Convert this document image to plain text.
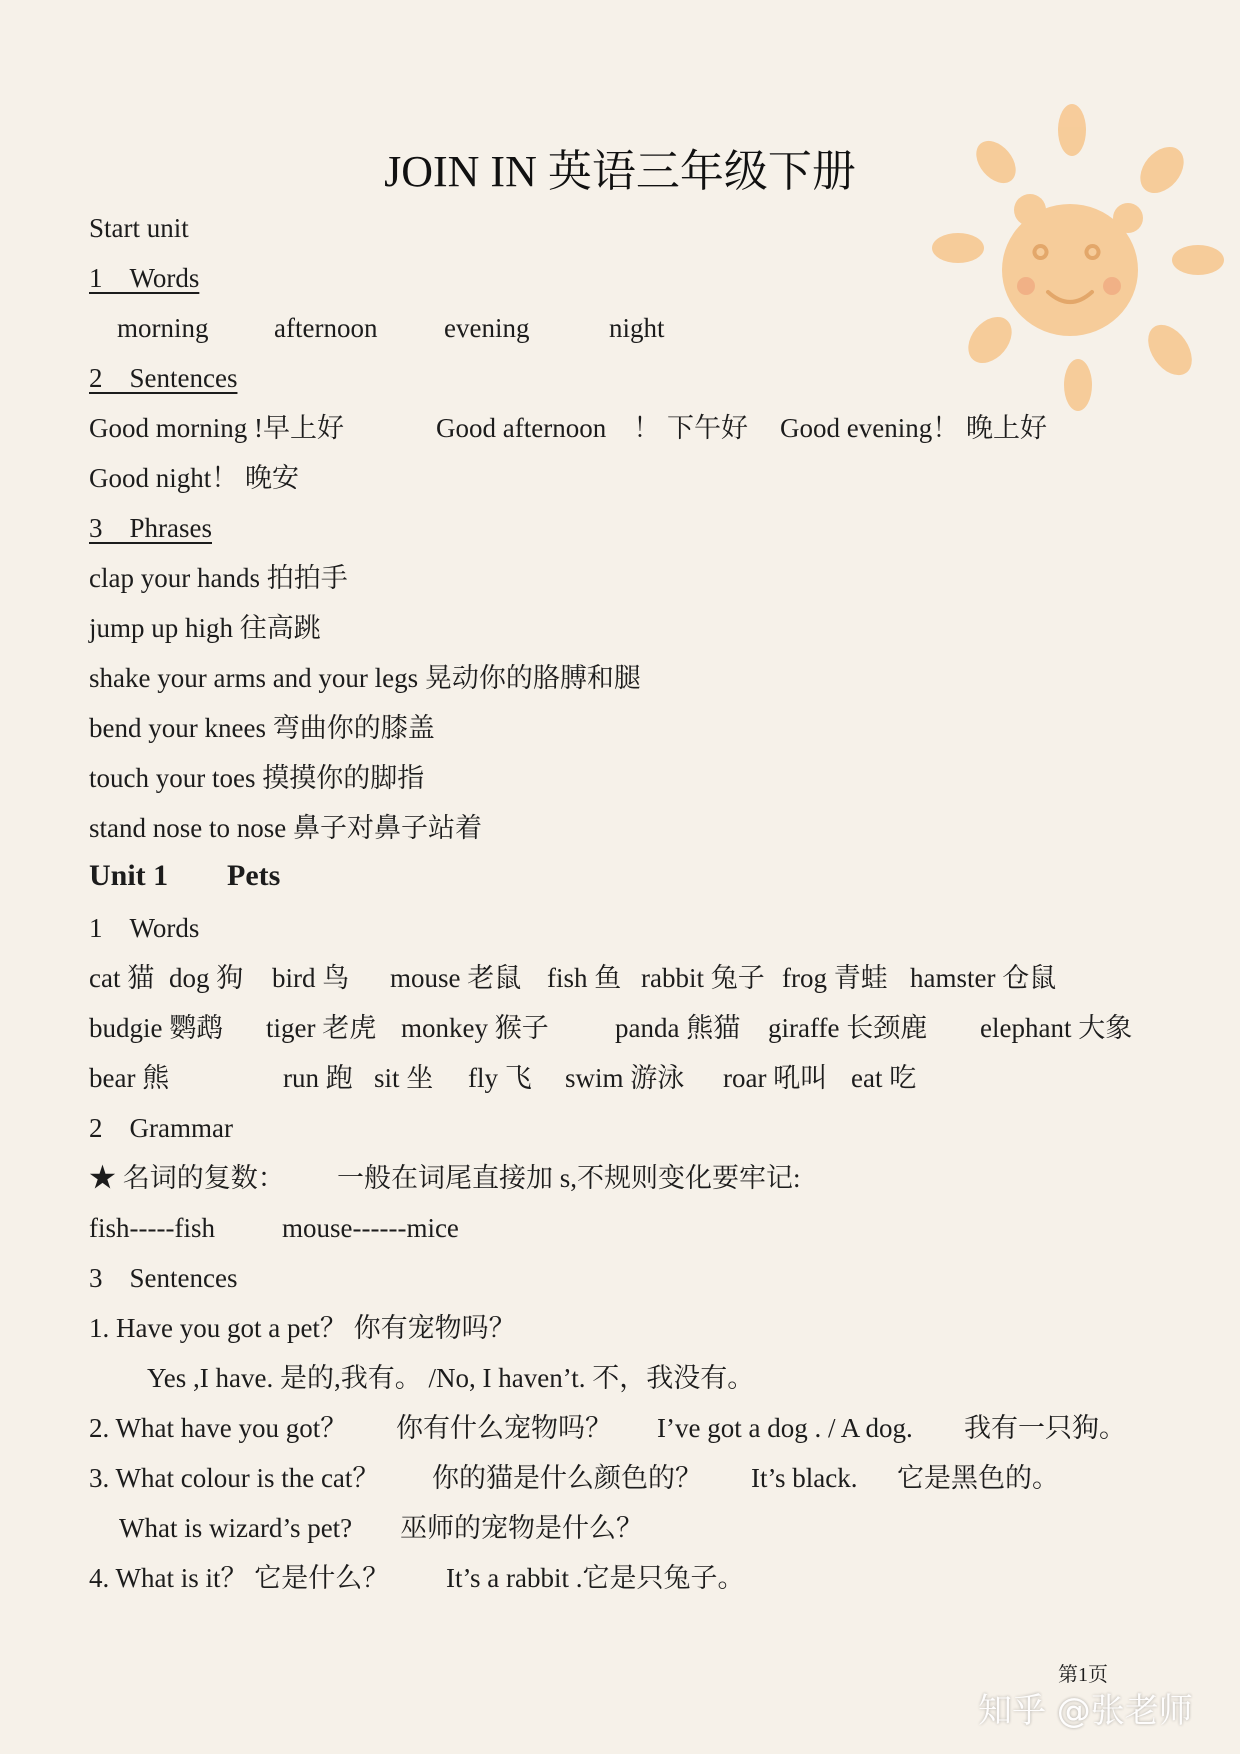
JOIN IN 英语三年级下册
Start unit
1　Words
morning afternoon evening	night
2　Sentences
Good morning !早上好	Good afternoon　！ 下午好 Good evening！ 晚上好
Good night！ 晚安
3　Phrases
clap your hands 拍拍手
jump up high 往高跳
shake your arms and your legs 晃动你的胳膊和腿
bend your knees 弯曲你的膝盖
touch your toes 摸摸你的脚指
stand nose to nose 鼻子对鼻子站着
Unit 1 Pets
1　Words
cat 猫 dog 狗 bird 鸟 mouse 老鼠 fish 鱼 rabbit 兔子 frog 青蛙 hamster 仓鼠
budgie 鹦鹉 tiger 老虎 monkey 猴子 panda 熊猫 giraffe 长颈鹿 elephant 大象
bear 熊	run 跑 sit 坐 fly 飞 swim 游泳 roar 吼叫 eat 吃
2　Grammar
★ 名词的复数： 一般在词尾直接加 s,不规则变化要牢记:
fish-----fish mouse------mice
3　Sentences
1. Have you got a pet？ 你有宠物吗？
Yes ,I have. 是的,我有。 /No, I haven’t. 不，我没有。
2. What have you got？ 你有什么宠物吗？ I’ve got a dog . / A dog. 我有一只狗。
3. What colour is the cat？ 你的猫是什么颜色的？ It’s black. 它是黑色的。
What is wizard’s pet? 巫师的宠物是什么？
4. What is it？ 它是什么？ It’s a rabbit .它是只兔子。
第1页
知乎 @张老师
